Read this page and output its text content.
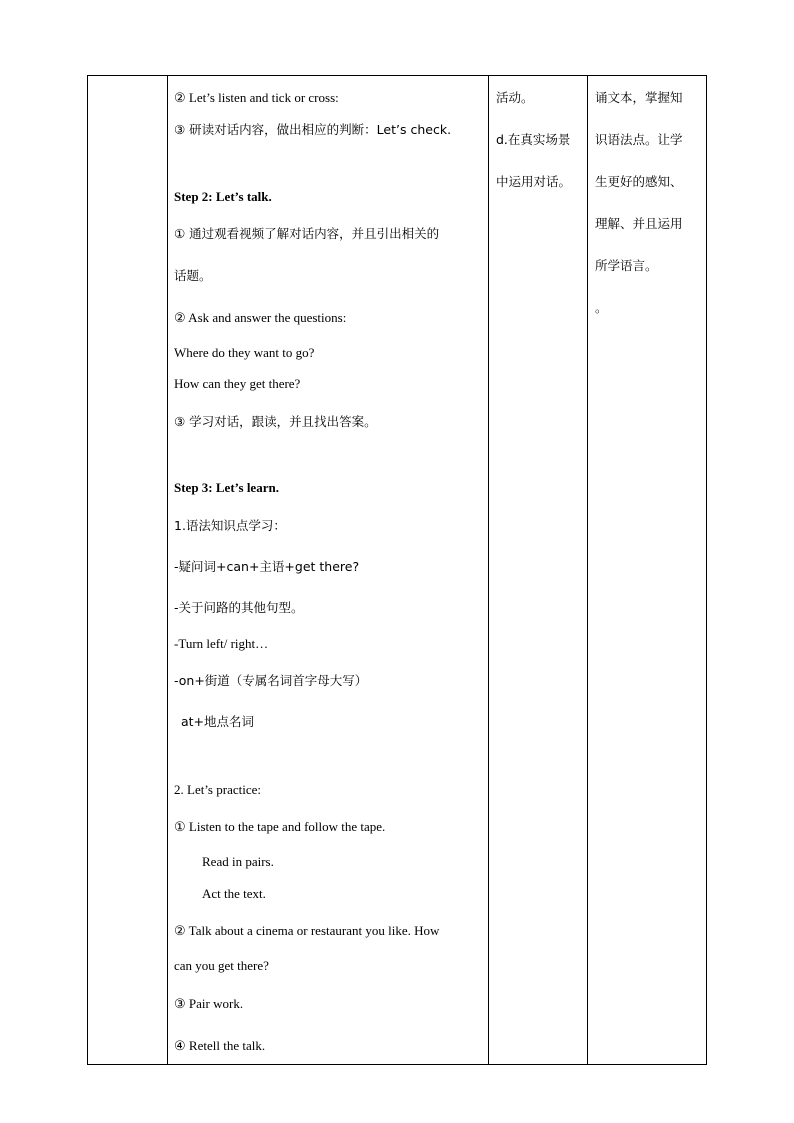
② Let’s listen and tick or cross:
③ 研读对话内容，做出相应的判断：Let’s check.
Step 2: Let’s talk.
① 通过观看视频了解对话内容，并且引出相关的
话题。
② Ask and answer the questions:
Where do they want to go?
How can they get there?
③ 学习对话，跟读，并且找出答案。
Step 3: Let’s learn.
1.语法知识点学习：
-疑问词+can+主语+get there?
-关于问路的其他句型。
-Turn left/ right…
-on+街道（专属名词首字母大写）
at+地点名词
2. Let’s practice:
① Listen to the tape and follow the tape.
Read in pairs.
Act the text.
② Talk about a cinema or restaurant you like. How
can you get there?
③ Pair work.
④ Retell the talk.
活动。
d.在真实场景
中运用对话。
诵文本，掌握知
识语法点。让学
生更好的感知、
理解、并且运用
所学语言。
。
